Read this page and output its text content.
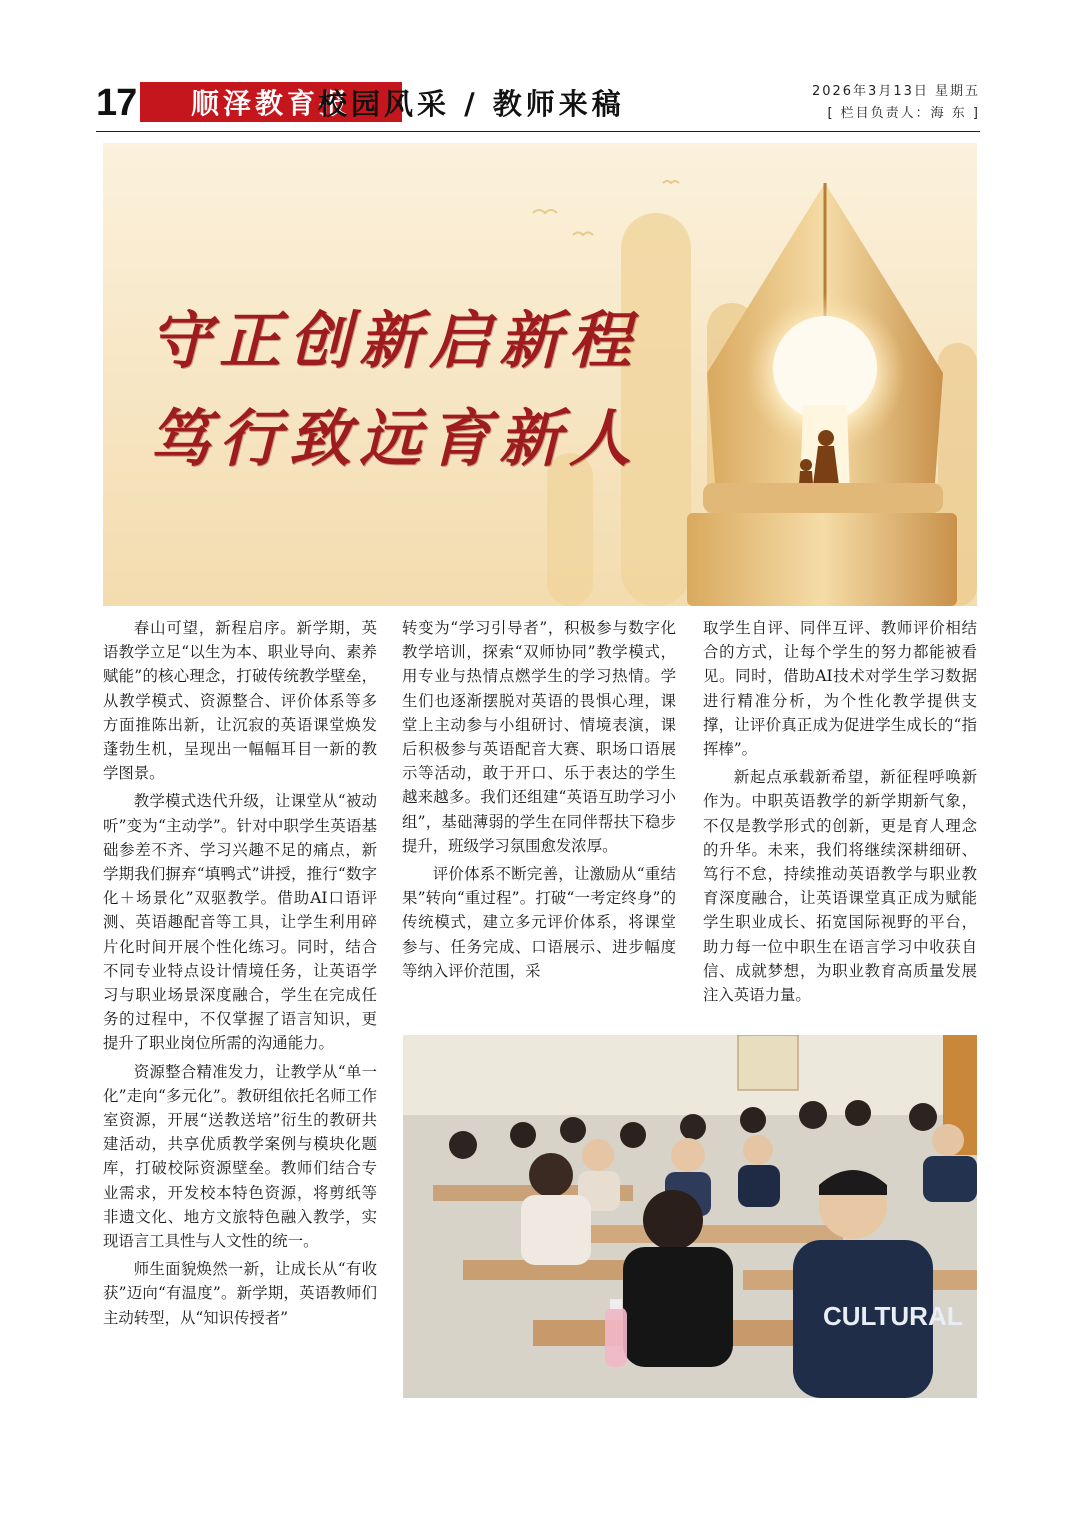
17	顺泽教育报
校园风采 / 教师来稿	2026年3月13日 星期五
[ 栏目负责人：海 东 ]
守正创新启新程
笃行致远育新人

春山可望，新程启序。新学期，英语教学立足“以生为本、职业导向、素养赋能”的核心理念，打破传统教学壁垒，从教学模式、资源整合、评价体系等多方面推陈出新，让沉寂的英语课堂焕发蓬勃生机，呈现出一幅幅耳目一新的教学图景。

教学模式迭代升级，让课堂从“被动听”变为“主动学”。针对中职学生英语基础参差不齐、学习兴趣不足的痛点，新学期我们摒弃“填鸭式”讲授，推行“数字化＋场景化”双驱教学。借助AI口语评测、英语趣配音等工具，让学生利用碎片化时间开展个性化练习。同时，结合不同专业特点设计情境任务，让英语学习与职业场景深度融合，学生在完成任务的过程中，不仅掌握了语言知识，更提升了职业岗位所需的沟通能力。

资源整合精准发力，让教学从“单一化”走向“多元化”。教研组依托名师工作室资源，开展“送教送培”衍生的教研共建活动，共享优质教学案例与模块化题库，打破校际资源壁垒。教师们结合专业需求，开发校本特色资源，将剪纸等非遗文化、地方文旅特色融入教学，实现语言工具性与人文性的统一。

师生面貌焕然一新，让成长从“有收获”迈向“有温度”。新学期，英语教师们主动转型，从“知识传授者”

转变为“学习引导者”，积极参与数字化教学培训，探索“双师协同”教学模式，用专业与热情点燃学生的学习热情。学生们也逐渐摆脱对英语的畏惧心理，课堂上主动参与小组研讨、情境表演，课后积极参与英语配音大赛、职场口语展示等活动，敢于开口、乐于表达的学生越来越多。我们还组建“英语互助学习小组”，基础薄弱的学生在同伴帮扶下稳步提升，班级学习氛围愈发浓厚。

评价体系不断完善，让激励从“重结果”转向“重过程”。打破“一考定终身”的传统模式，建立多元评价体系，将课堂参与、任务完成、口语展示、进步幅度等纳入评价范围，采

取学生自评、同伴互评、教师评价相结合的方式，让每个学生的努力都能被看见。同时，借助AI技术对学生学习数据进行精准分析，为个性化教学提供支撑，让评价真正成为促进学生成长的“指挥棒”。

新起点承载新希望，新征程呼唤新作为。中职英语教学的新学期新气象，不仅是教学形式的创新，更是育人理念的升华。未来，我们将继续深耕细研、笃行不怠，持续推动英语教学与职业教育深度融合，让英语课堂真正成为赋能学生职业成长、拓宽国际视野的平台，助力每一位中职生在语言学习中收获自信、成就梦想，为职业教育高质量发展注入英语力量。

CULTURAL
